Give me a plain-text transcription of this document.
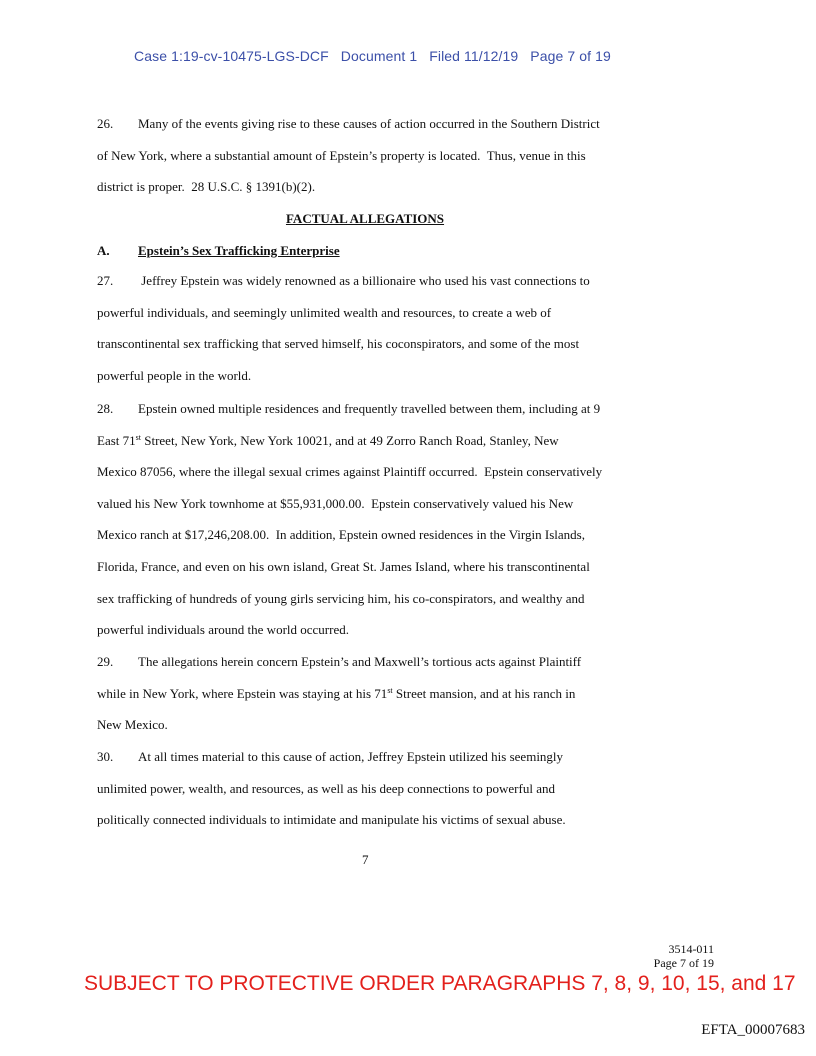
Case 1:19-cv-10475-LGS-DCF   Document 1   Filed 11/12/19   Page 7 of 19
26. Many of the events giving rise to these causes of action occurred in the Southern District
of New York, where a substantial amount of Epstein’s property is located.  Thus, venue in this
district is proper.  28 U.S.C. § 1391(b)(2).
FACTUAL ALLEGATIONS
A. Epstein’s Sex Trafficking Enterprise
27. Jeffrey Epstein was widely renowned as a billionaire who used his vast connections to
powerful individuals, and seemingly unlimited wealth and resources, to create a web of
transcontinental sex trafficking that served himself, his coconspirators, and some of the most
powerful people in the world.
28. Epstein owned multiple residences and frequently travelled between them, including at 9
East 71st Street, New York, New York 10021, and at 49 Zorro Ranch Road, Stanley, New
Mexico 87056, where the illegal sexual crimes against Plaintiff occurred.  Epstein conservatively
valued his New York townhome at $55,931,000.00.  Epstein conservatively valued his New
Mexico ranch at $17,246,208.00.  In addition, Epstein owned residences in the Virgin Islands,
Florida, France, and even on his own island, Great St. James Island, where his transcontinental
sex trafficking of hundreds of young girls servicing him, his co-conspirators, and wealthy and
powerful individuals around the world occurred.
29. The allegations herein concern Epstein’s and Maxwell’s tortious acts against Plaintiff
while in New York, where Epstein was staying at his 71st Street mansion, and at his ranch in
New Mexico.
30. At all times material to this cause of action, Jeffrey Epstein utilized his seemingly
unlimited power, wealth, and resources, as well as his deep connections to powerful and
politically connected individuals to intimidate and manipulate his victims of sexual abuse.
7
3514-011
Page 7 of 19
SUBJECT TO PROTECTIVE ORDER PARAGRAPHS 7, 8, 9, 10, 15, and 17
EFTA_00007683
